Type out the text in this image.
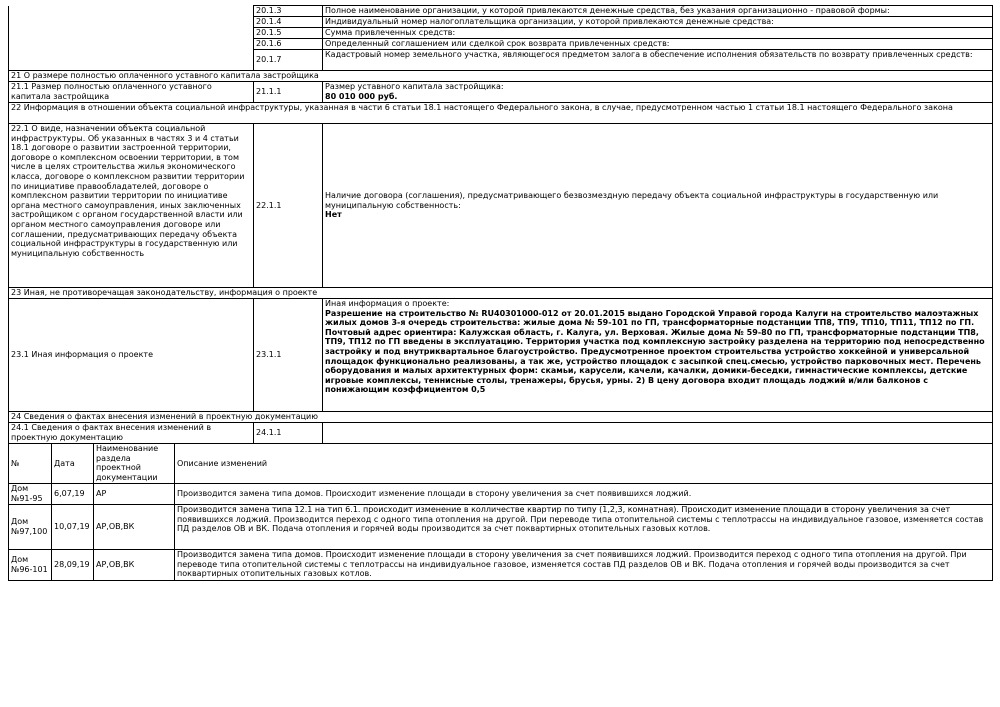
	20.1.3	Полное наименование организации, у которой привлекаются денежные средства, без указания организационно - правовой формы:
	20.1.4	Индивидуальный номер налогоплательщика организации, у которой привлекаются денежные средства:
	20.1.5	Сумма привлеченных средств:
	20.1.6	Определенный соглашением или сделкой срок возврата привлеченных средств:
	20.1.7	Кадастровый номер земельного участка, являющегося предметом залога в обеспечение исполнения обязательств по возврату привлеченных средств:
21 О размере полностью оплаченного уставного капитала застройщика		
21.1 Размер полностью оплаченного уставного капитала застройщика	21.1.1	Размер уставного капитала застройщика:
80 010 000 руб.
22 Информация в отношении объекта социальной инфраструктуры, указанная в части 6 статьи 18.1 настоящего Федерального закона, в случае, предусмотренном частью 1 статьи 18.1 настоящего Федерального закона		
22.1 О виде, назначении объекта социальной инфраструктуры. Об указанных в частях 3 и 4 статьи 18.1 договоре о развитии застроенной территории, договоре о комплексном освоении территории, в том числе в целях строительства жилья экономического класса, договоре о комплексном развитии территории по инициативе правообладателей, договоре о комплексном развитии территории по инициативе органа местного самоуправления, иных заключенных застройщиком с органом государственной власти или органом местного самоуправления договоре или соглашении, предусматривающих передачу объекта социальной инфраструктуры в государственную или муниципальную собственность	22.1.1	Наличие договора (соглашения), предусматривающего безвозмездную передачу объекта социальной инфраструктуры в государственную или муниципальную собственность:
Нет
23 Иная, не противоречащая законодательству, информация о проекте		
23.1 Иная информация о проекте	23.1.1	Иная информация о проекте:
Разрешение на строительство № RU40301000-012 от 20.01.2015 выдано Городской Управой города Калуги на строительство малоэтажных жилых домов 3-я очередь строительства: жилые дома № 59-101 по ГП, трансформаторные подстанции ТП8, ТП9, ТП10, ТП11, ТП12 по ГП. Почтовый адрес ориентира: Калужская область, г. Калуга, ул. Верховая. Жилые дома № 59-80 по ГП, трансформаторные подстанции ТП8, ТП9, ТП12 по ГП введены в эксплуатацию. Территория участка под комплексную застройку разделена на территорию под непосредственно застройку и под внутриквартальное благоустройство. Предусмотренное проектом строительства устройство хоккейной и универсальной площадок функционально реализованы, а так же, устройство площадок с засыпкой спец.смесью, устройство парковочных мест. Перечень оборудования и малых архитектурных форм: скамьи, карусели, качели, качалки, домики-беседки, гимнастические комплексы, детские игровые комплексы, теннисные столы, тренажеры, брусья, урны. 2) В цену договора входит площадь лоджий и/или балконов с понижающим коэффициентом 0,5
24 Сведения о фактах внесения изменений в проектную документацию		
24.1 Сведения о фактах внесения изменений в проектную документацию	24.1.1	
№	Дата	Наименование раздела проектной документации	Описание изменений
Дом №91-95	6,07,19	АР	Производится замена типа домов. Происходит изменение площади в сторону увеличения за счет появившихся лоджий.
Дом №97,100	10,07,19	АР,ОВ,ВК	Производится замена типа 12.1 на тип 6.1. происходит изменение в колличестве квартир по типу (1,2,3, комнатная). Происходит изменение площади в сторону увеличения за счет появившихся лоджий. Производится переход с одного типа отопления на другой. При переводе типа отопительной системы с теплотрассы на индивидуальное газовое, изменяется состав ПД разделов ОВ и ВК. Подача отопления и горячей воды производится за счет поквартирных отопительных газовых котлов.
Дом №96-101	28,09,19	АР,ОВ,ВК	Производится замена типа домов. Происходит изменение площади в сторону увеличения за счет появившихся лоджий. Производится переход с одного типа отопления на другой. При переводе типа отопительной системы с теплотрассы на индивидуальное газовое, изменяется состав ПД разделов ОВ и ВК. Подача отопления и горячей воды производится за счет поквартирных отопительных газовых котлов.
